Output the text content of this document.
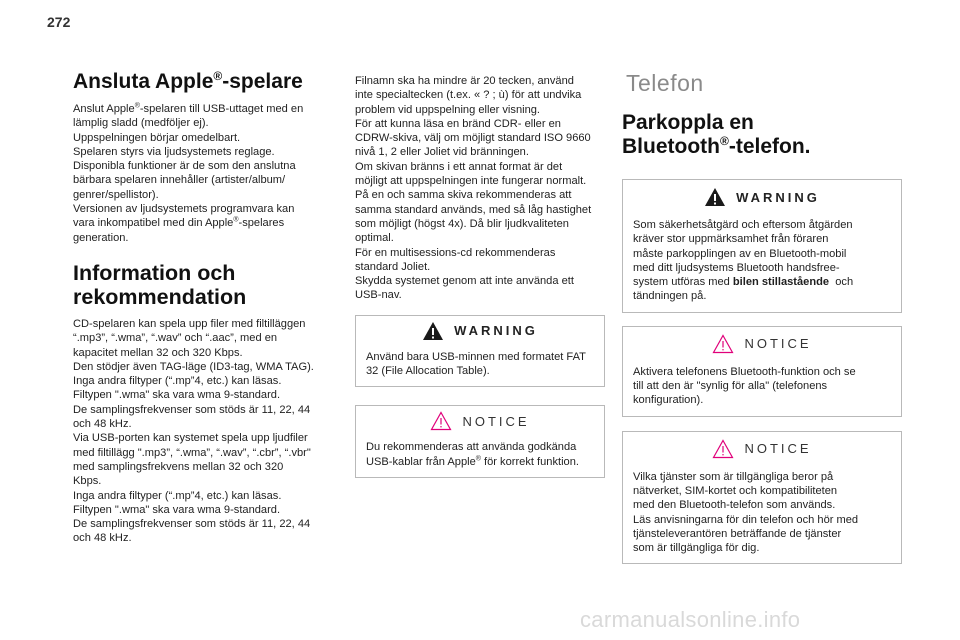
272
Ansluta Apple®-spelare
Anslut Apple®-spelaren till USB-uttaget med en
lämplig sladd (medföljer ej).
Uppspelningen börjar omedelbart.
Spelaren styrs via ljudsystemets reglage.
Disponibla funktioner är de som den anslutna
bärbara spelaren innehåller (artister/album/
genrer/spellistor).
Versionen av ljudsystemets programvara kan
vara inkompatibel med din Apple®-spelares
generation.
Information och
rekommendation
CD-spelaren kan spela upp filer med filtilläggen
“.mp3”, “.wma”, “.wav” och “.aac”, med en
kapacitet mellan 32 och 320 Kbps.
Den stödjer även TAG-läge (ID3-tag, WMA TAG).
Inga andra filtyper (“.mp”4, etc.) kan läsas.
Filtypen ".wma" ska vara wma 9-standard.
De samplingsfrekvenser som stöds är 11, 22, 44
och 48 kHz.
Via USB-porten kan systemet spela upp ljudfiler
med filtillägg ".mp3”, “.wma”, “.wav”, “.cbr”, “.vbr"
med samplingsfrekvens mellan 32 och 320
Kbps.
Inga andra filtyper (“.mp”4, etc.) kan läsas.
Filtypen ".wma" ska vara wma 9-standard.
De samplingsfrekvenser som stöds är 11, 22, 44
och 48 kHz.
Filnamn ska ha mindre är 20 tecken, använd
inte specialtecken (t.ex. « ? ; ù) för att undvika
problem vid uppspelning eller visning.
För att kunna läsa en bränd CDR- eller en
CDRW-skiva, välj om möjligt standard ISO 9660
nivå 1, 2 eller Joliet vid bränningen.
Om skivan bränns i ett annat format är det
möjligt att uppspelningen inte fungerar normalt.
På en och samma skiva rekommenderas att
samma standard används, med så låg hastighet
som möjligt (högst 4x). Då blir ljudkvaliteten
optimal.
För en multisessions-cd rekommenderas
standard Joliet.
Skydda systemet genom att inte använda ett
USB-nav.
WARNING
Använd bara USB-minnen med formatet FAT
32 (File Allocation Table).
NOTICE
Du rekommenderas att använda godkända
USB-kablar från Apple® för korrekt funktion.
Telefon
Parkoppla en
Bluetooth®-telefon.
WARNING
Som säkerhetsåtgärd och eftersom åtgärden
kräver stor uppmärksamhet från föraren
måste parkopplingen av en Bluetooth-mobil
med ditt ljudsystems Bluetooth handsfree-
system utföras med bilen stillastående  och
tändningen på.
NOTICE
Aktivera telefonens Bluetooth-funktion och se
till att den är "synlig för alla" (telefonens
konfiguration).
NOTICE
Vilka tjänster som är tillgängliga beror på
nätverket, SIM-kortet och kompatibiliteten
med den Bluetooth-telefon som används.
Läs anvisningarna för din telefon och hör med
tjänsteleverantören beträffande de tjänster
som är tillgängliga för dig.
carmanualsonline.info
